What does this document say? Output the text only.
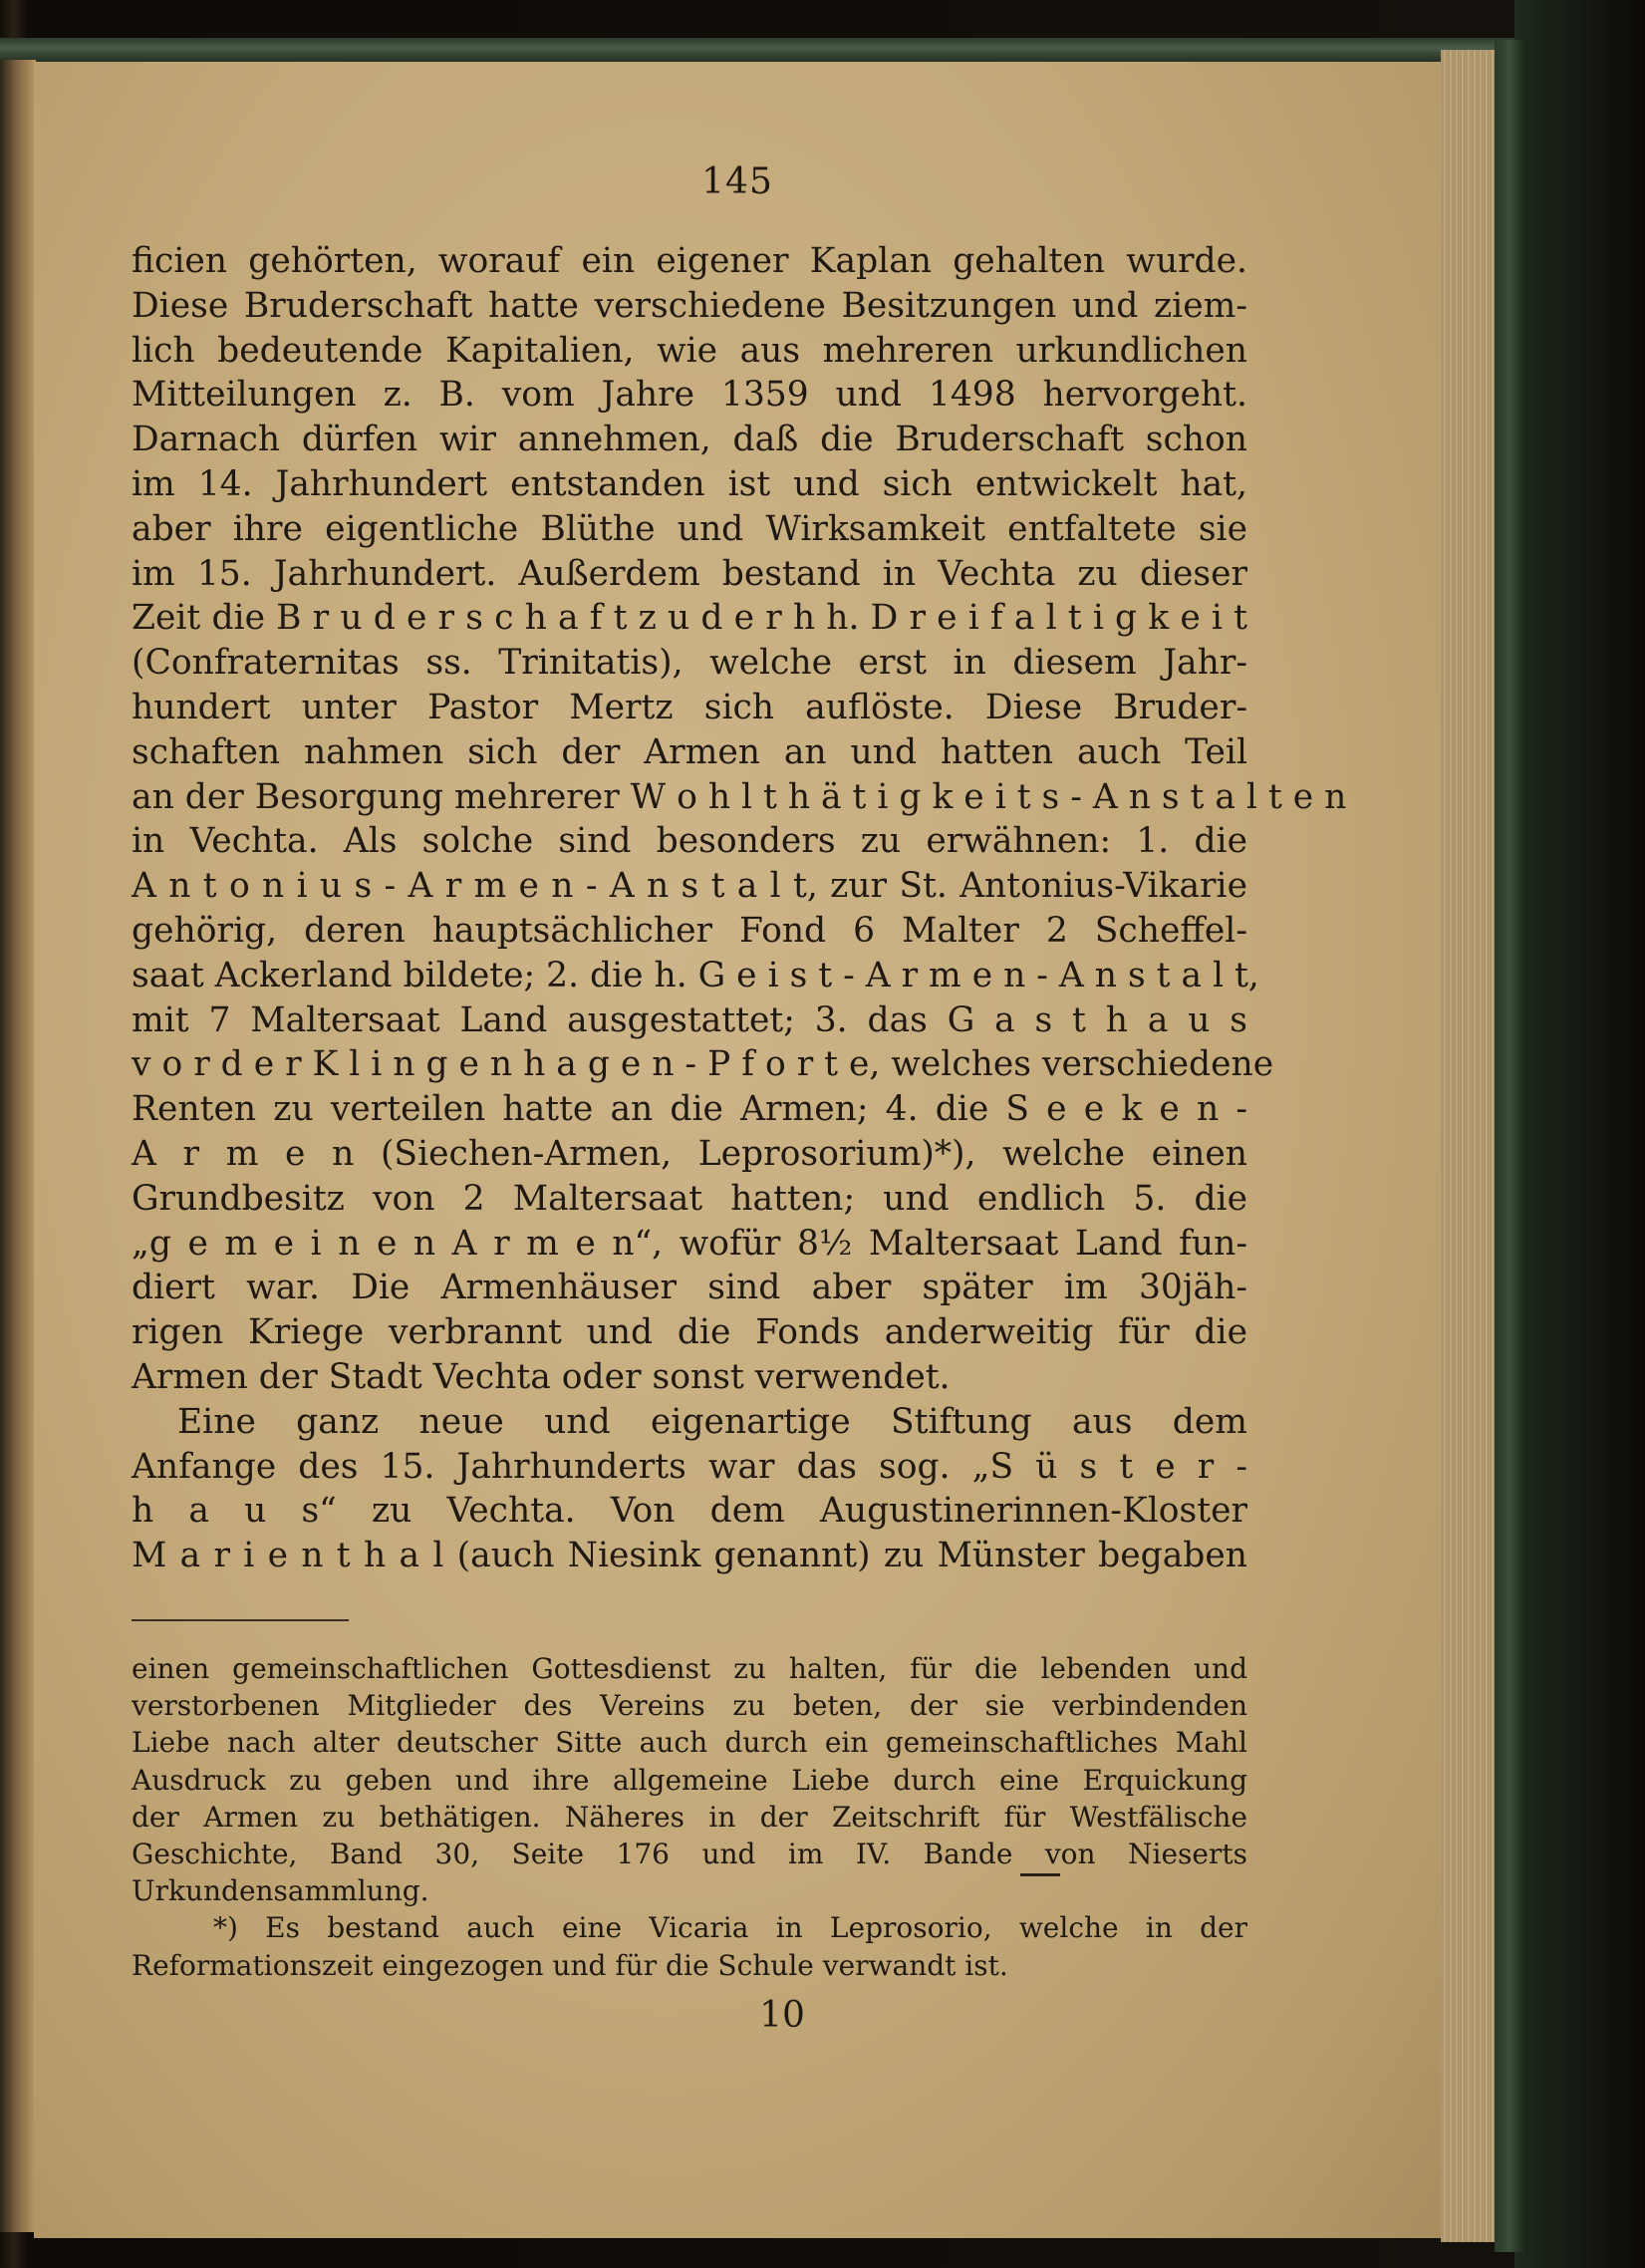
145
ficien gehörten, worauf ein eigener Kaplan gehalten wurde.
Diese Bruderschaft hatte verschiedene Besitzungen und ziem-
lich bedeutende Kapitalien, wie aus mehreren urkundlichen
Mitteilungen z. B. vom Jahre 1359 und 1498 hervorgeht.
Darnach dürfen wir annehmen, daß die Bruderschaft schon
im 14. Jahrhundert entstanden ist und sich entwickelt hat,
aber ihre eigentliche Blüthe und Wirksamkeit entfaltete sie
im 15. Jahrhundert. Außerdem bestand in Vechta zu dieser
Zeit die B r u d e r s c h a f t z u d e r h h. D r e i f a l t i g k e i t
(Confraternitas ss. Trinitatis), welche erst in diesem Jahr-
hundert unter Pastor Mertz sich auflöste. Diese Bruder-
schaften nahmen sich der Armen an und hatten auch Teil
an der Besorgung mehrerer W o h l t h ä t i g k e i t s - A n s t a l t e n
in Vechta. Als solche sind besonders zu erwähnen: 1. die
A n t o n i u s - A r m e n - A n s t a l t, zur St. Antonius-Vikarie
gehörig, deren hauptsächlicher Fond 6 Malter 2 Scheffel-
saat Ackerland bildete; 2. die h. G e i s t - A r m e n - A n s t a l t,
mit 7 Maltersaat Land ausgestattet; 3. das G a s t h a u s
v o r d e r K l i n g e n h a g e n - P f o r t e, welches verschiedene
Renten zu verteilen hatte an die Armen; 4. die S e e k e n -
A r m e n (Siechen-Armen, Leprosorium)*), welche einen
Grundbesitz von 2 Maltersaat hatten; und endlich 5. die
„g e m e i n e n A r m e n“, wofür 8½ Maltersaat Land fun-
diert war. Die Armenhäuser sind aber später im 30jäh-
rigen Kriege verbrannt und die Fonds anderweitig für die
Armen der Stadt Vechta oder sonst verwendet.
Eine ganz neue und eigenartige Stiftung aus dem
Anfange des 15. Jahrhunderts war das sog. „S ü s t e r -
h a u s“ zu Vechta. Von dem Augustinerinnen-Kloster
M a r i e n t h a l (auch Niesink genannt) zu Münster begaben
einen gemeinschaftlichen Gottesdienst zu halten, für die lebenden und
verstorbenen Mitglieder des Vereins zu beten, der sie verbindenden
Liebe nach alter deutscher Sitte auch durch ein gemeinschaftliches Mahl
Ausdruck zu geben und ihre allgemeine Liebe durch eine Erquickung
der Armen zu bethätigen. Näheres in der Zeitschrift für Westfälische
Geschichte, Band 30, Seite 176 und im IV. Bande von Nieserts
Urkundensammlung.
*) Es bestand auch eine Vicaria in Leprosorio, welche in der
Reformationszeit eingezogen und für die Schule verwandt ist.
10
